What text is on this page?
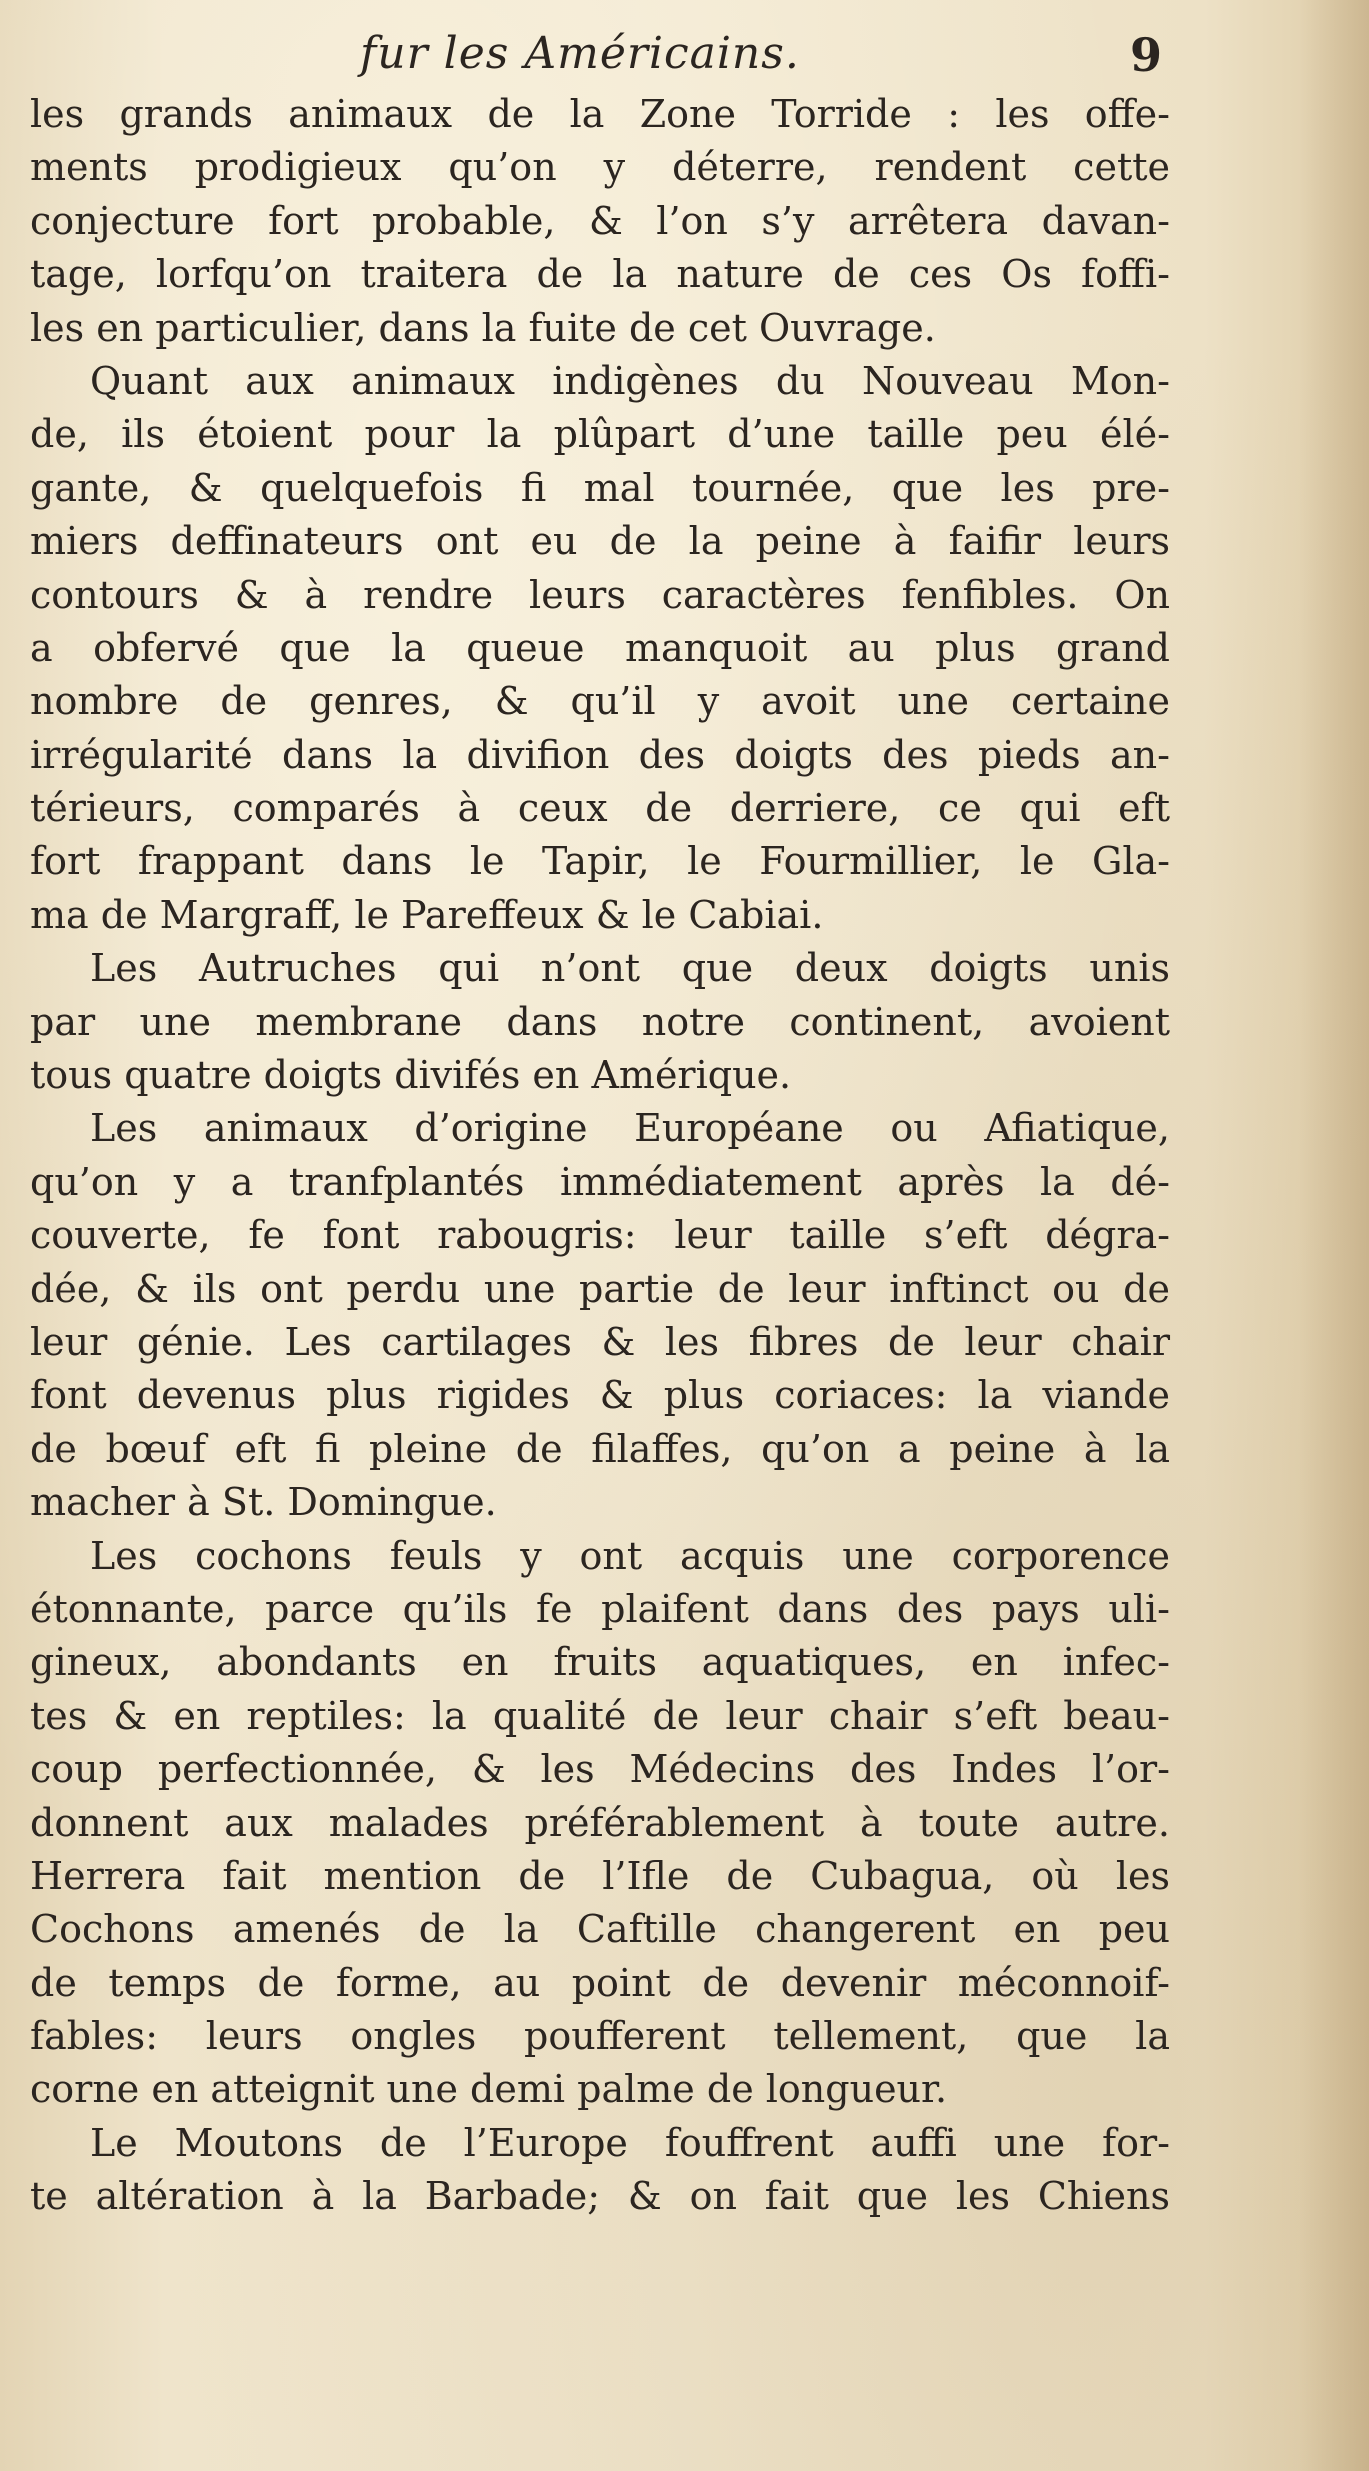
fur les Américains.	9
les grands animaux de la Zone Torride : les offe-
ments prodigieux qu’on y déterre, rendent cette
conjecture fort probable, & l’on s’y arrêtera davan-
tage, lorfqu’on traitera de la nature de ces Os foffi-
les en particulier, dans la fuite de cet Ouvrage.
Quant aux animaux indigènes du Nouveau Mon-
de, ils étoient pour la plûpart d’une taille peu élé-
gante, & quelquefois fi mal tournée, que les pre-
miers deffinateurs ont eu de la peine à faifir leurs
contours & à rendre leurs caractères fenfibles. On
a obfervé que la queue manquoit au plus grand
nombre de genres, & qu’il y avoit une certaine
irrégularité dans la divifion des doigts des pieds an-
térieurs, comparés à ceux de derriere, ce qui eft
fort frappant dans le Tapir, le Fourmillier, le Gla-
ma de Margraff, le Pareffeux & le Cabiai.
Les Autruches qui n’ont que deux doigts unis
par une membrane dans notre continent, avoient
tous quatre doigts divifés en Amérique.
Les animaux d’origine Européane ou Afiatique,
qu’on y a tranfplantés immédiatement après la dé-
couverte, fe font rabougris: leur taille s’eft dégra-
dée, & ils ont perdu une partie de leur inftinct ou de
leur génie. Les cartilages & les fibres de leur chair
font devenus plus rigides & plus coriaces: la viande
de bœuf eft fi pleine de filaffes, qu’on a peine à la
macher à St. Domingue.
Les cochons feuls y ont acquis une corporence
étonnante, parce qu’ils fe plaifent dans des pays uli-
gineux, abondants en fruits aquatiques, en infec-
tes & en reptiles: la qualité de leur chair s’eft beau-
coup perfectionnée, & les Médecins des Indes l’or-
donnent aux malades préférablement à toute autre.
Herrera fait mention de l’Ifle de Cubagua, où les
Cochons amenés de la Caftille changerent en peu
de temps de forme, au point de devenir méconnoif-
fables: leurs ongles poufferent tellement, que la
corne en atteignit une demi palme de longueur.
Le Moutons de l’Europe fouffrent auffi une for-
te altération à la Barbade; & on fait que les Chiens
